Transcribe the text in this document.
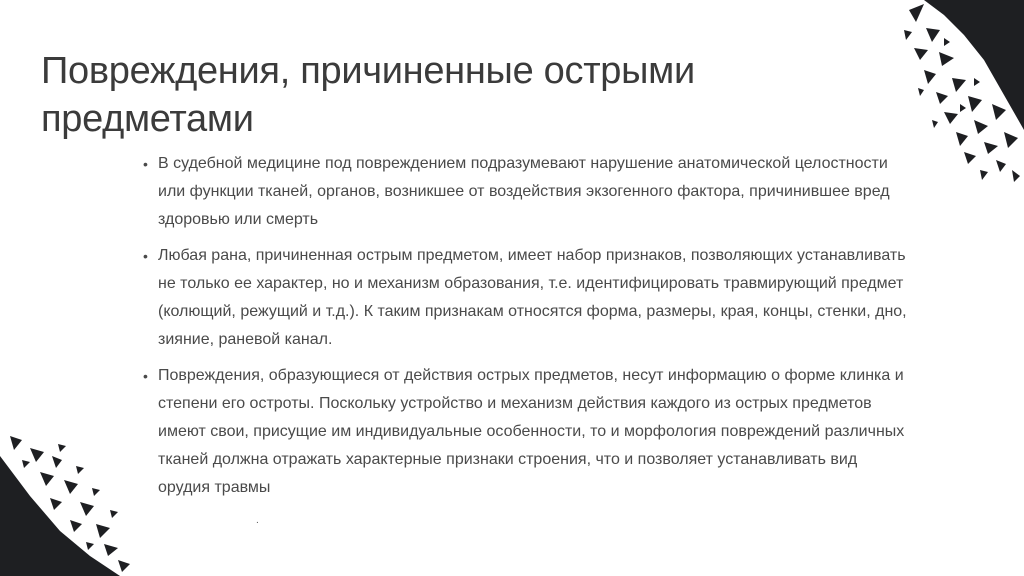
Повреждения, причиненные острыми предметами
• В судебной медицине под повреждением подразумевают нарушение анатомической целостности или функции тканей, органов, возникшее от воздействия экзогенного фактора, причинившее вред здоровью или смерть
• Любая рана, причиненная острым предметом, имеет набор признаков, позволяющих устанавливать не только ее характер, но и механизм образования, т.е. идентифицировать травмирующий предмет (колющий, режущий и т.д.). К таким признакам относятся форма, размеры, края, концы, стенки, дно, зияние, раневой канал.
• Повреждения, образующиеся от действия острых предметов, несут информацию о форме клинка и степени его остроты. Поскольку устройство и механизм действия каждого из острых предметов имеют свои, присущие им индивидуальные особенности, то и морфология повреждений различных тканей должна отражать характерные признаки строения, что и позволяет устанавливать вид орудия травмы
.
